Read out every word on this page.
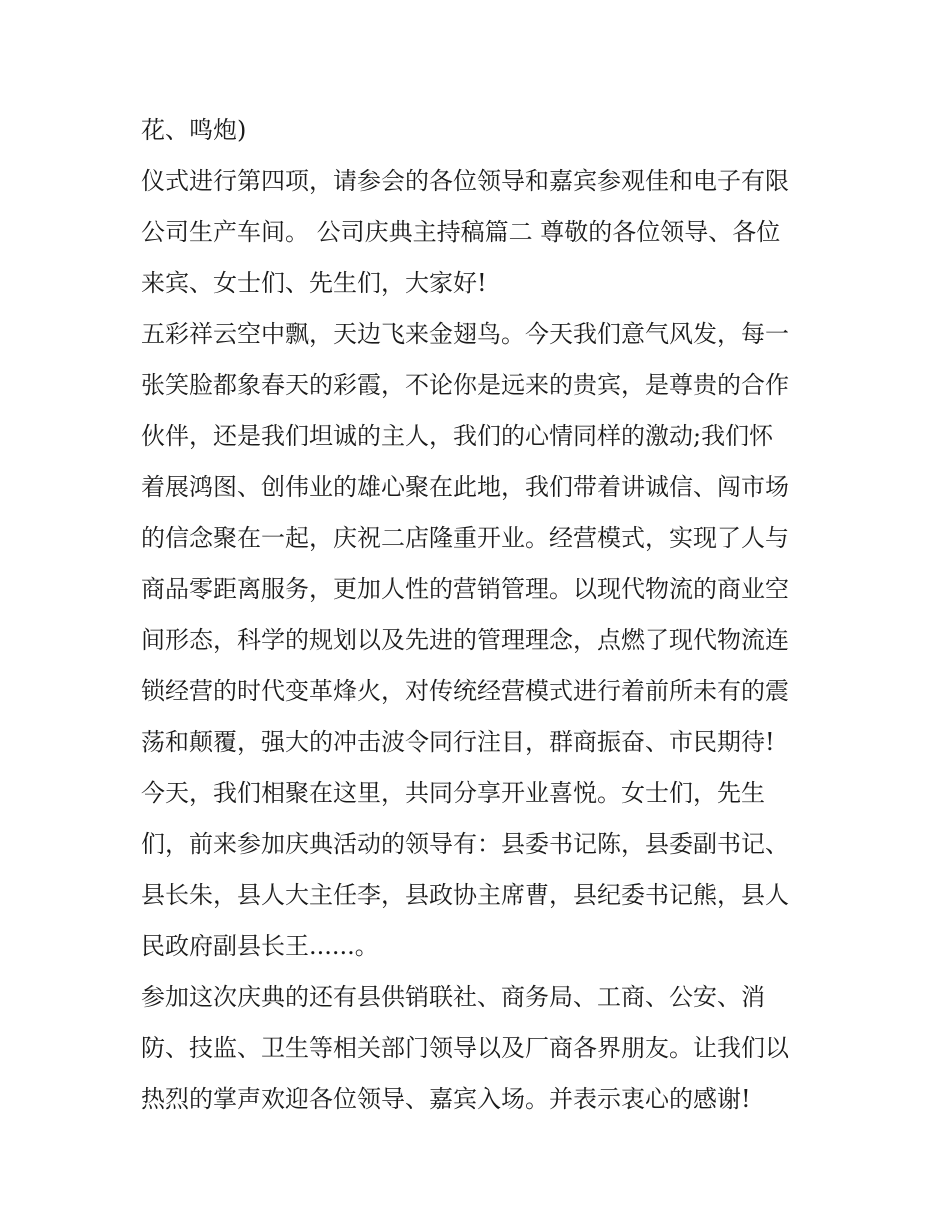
花、鸣炮)
仪式进行第四项，请参会的各位领导和嘉宾参观佳和电子有限
公司生产车间。 公司庆典主持稿篇二 尊敬的各位领导、各位
来宾、女士们、先生们，大家好!
五彩祥云空中飘，天边飞来金翅鸟。今天我们意气风发，每一
张笑脸都象春天的彩霞，不论你是远来的贵宾，是尊贵的合作
伙伴，还是我们坦诚的主人，我们的心情同样的激动;我们怀
着展鸿图、创伟业的雄心聚在此地，我们带着讲诚信、闯市场
的信念聚在一起，庆祝二店隆重开业。经营模式，实现了人与
商品零距离服务，更加人性的营销管理。以现代物流的商业空
间形态，科学的规划以及先进的管理理念，点燃了现代物流连
锁经营的时代变革烽火，对传统经营模式进行着前所未有的震
荡和颠覆，强大的冲击波令同行注目，群商振奋、市民期待!
今天，我们相聚在这里，共同分享开业喜悦。女士们，先生
们，前来参加庆典活动的领导有：县委书记陈，县委副书记、
县长朱，县人大主任李，县政协主席曹，县纪委书记熊，县人
民政府副县长王......。
参加这次庆典的还有县供销联社、商务局、工商、公安、消
防、技监、卫生等相关部门领导以及厂商各界朋友。让我们以
热烈的掌声欢迎各位领导、嘉宾入场。并表示衷心的感谢!
